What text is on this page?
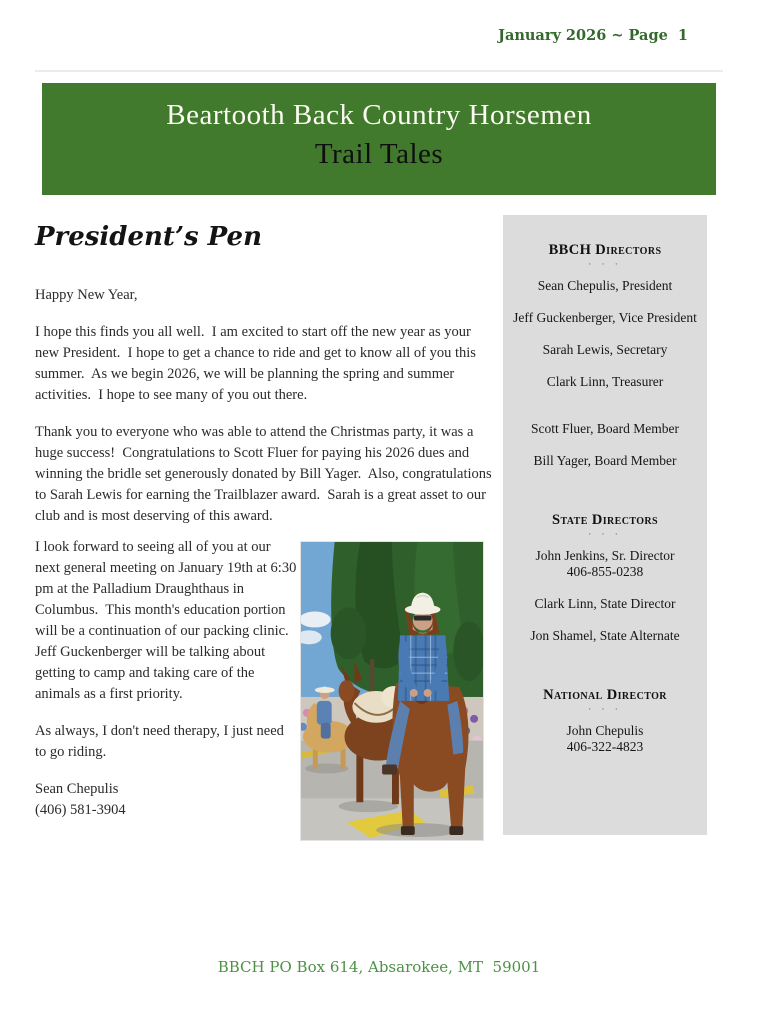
January 2026 ~ Page  1
Beartooth Back Country Horsemen
Trail Tales
President’s Pen

Happy New Year,

I hope this finds you all well.  I am excited to start off the new year as your new President.  I hope to get a chance to ride and get to know all of you this summer.  As we begin 2026, we will be planning the spring and summer activities.  I hope to see many of you out there.

Thank you to everyone who was able to attend the Christmas party, it was a huge success!  Congratulations to Scott Fluer for paying his 2026 dues and winning the bridle set generously donated by Bill Yager.  Also, congratulations to Sarah Lewis for earning the Trailblazer award.  Sarah is a great asset to our club and is most deserving of this award.

I look forward to seeing all of you at our next general meeting on January 19th at 6:30 pm at the Palladium Draughthaus in Columbus.  This month's education portion will be a continuation of our packing clinic.  Jeff Guckenberger will be talking about getting to camp and taking care of the animals as a first priority.

As always, I don't need therapy, I just need to go riding.

Sean Chepulis

(406) 581-3904

BBCH Directors

· · ·

Sean Chepulis, President

Jeff Guckenberger, Vice President

Sarah Lewis, Secretary

Clark Linn, Treasurer

Scott Fluer, Board Member

Bill Yager, Board Member

State Directors

· · ·

John Jenkins, Sr. Director

406-855-0238

Clark Linn, State Director

Jon Shamel, State Alternate

National Director

· · ·

John Chepulis

406-322-4823

BBCH PO Box 614, Absarokee, MT  59001
